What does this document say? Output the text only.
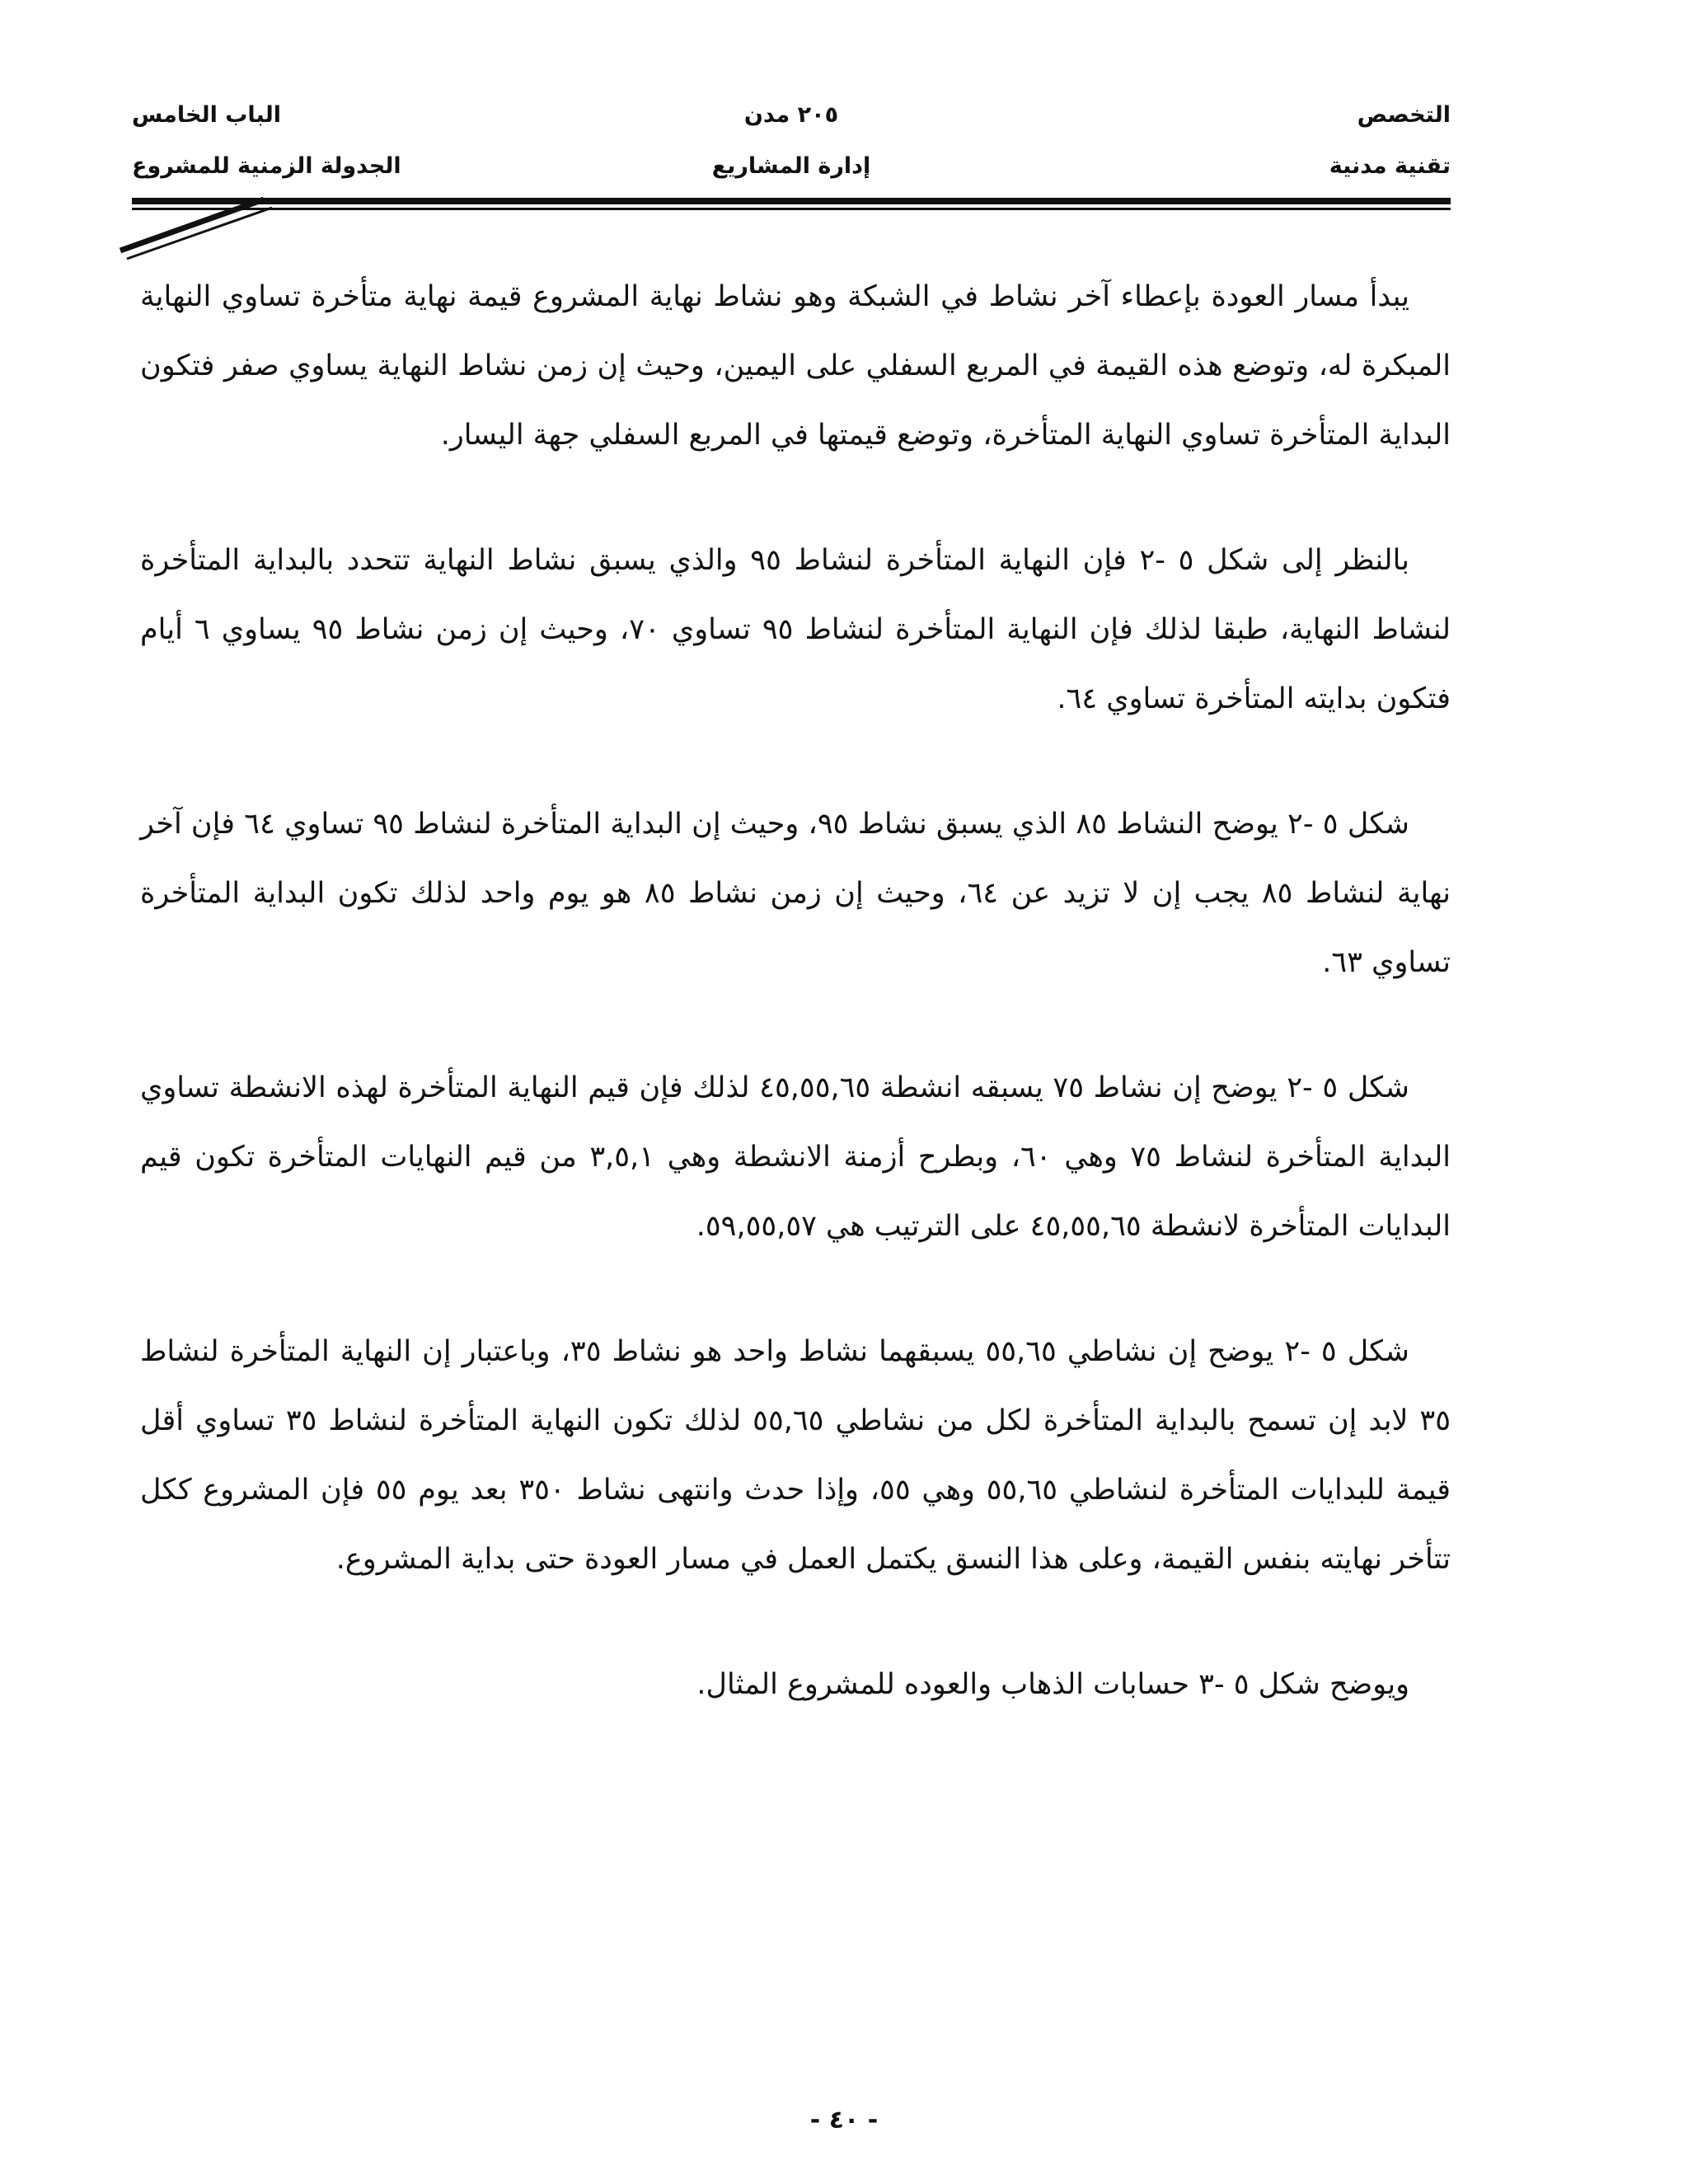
التخصص
تقنية مدنية
٢٠٥ مدن
إدارة المشاريع
الباب الخامس
الجدولة الزمنية للمشروع

يبدأ مسار العودة بإعطاء آخر نشاط في الشبكة وهو نشاط نهاية المشروع قيمة نهاية متأخرة تساوي النهاية المبكرة له، وتوضع هذه القيمة في المربع السفلي على اليمين، وحيث إن زمن نشاط النهاية يساوي صفر فتكون البداية المتأخرة تساوي النهاية المتأخرة، وتوضع قيمتها في المربع السفلي جهة اليسار.

بالنظر إلى شكل ٥ -٢ فإن النهاية المتأخرة لنشاط ٩٥ والذي يسبق نشاط النهاية تتحدد بالبداية المتأخرة لنشاط النهاية، طبقا لذلك فإن النهاية المتأخرة لنشاط ٩٥ تساوي ٧٠، وحيث إن زمن نشاط ٩٥ يساوي ٦ أيام فتكون بدايته المتأخرة تساوي ٦٤.

شكل ٥ -٢ يوضح النشاط ٨٥ الذي يسبق نشاط ٩٥، وحيث إن البداية المتأخرة لنشاط ٩٥ تساوي ٦٤ فإن آخر نهاية لنشاط ٨٥ يجب إن لا تزيد عن ٦٤، وحيث إن زمن نشاط ٨٥ هو يوم واحد لذلك تكون البداية المتأخرة تساوي ٦٣.

شكل ٥ -٢ يوضح إن نشاط ٧٥ يسبقه انشطة ٤٥,٥٥,٦٥ لذلك فإن قيم النهاية المتأخرة لهذه الانشطة تساوي البداية المتأخرة لنشاط ٧٥ وهي ٦٠، وبطرح أزمنة الانشطة وهي ٣,٥,١ من قيم النهايات المتأخرة تكون قيم البدايات المتأخرة لانشطة ٤٥,٥٥,٦٥ على الترتيب هي ٥٩,٥٥,٥٧.

شكل ٥ -٢ يوضح إن نشاطي ٥٥,٦٥ يسبقهما نشاط واحد هو نشاط ٣٥، وباعتبار إن النهاية المتأخرة لنشاط ٣٥ لابد إن تسمح بالبداية المتأخرة لكل من نشاطي ٥٥,٦٥ لذلك تكون النهاية المتأخرة لنشاط ٣٥ تساوي أقل قيمة للبدايات المتأخرة لنشاطي ٥٥,٦٥ وهي ٥٥، وإذا حدث وانتهى نشاط ٣٥٠ بعد يوم ٥٥ فإن المشروع ككل تتأخر نهايته بنفس القيمة، وعلى هذا النسق يكتمل العمل في مسار العودة حتى بداية المشروع.

ويوضح شكل ٥ -٣ حسابات الذهاب والعوده للمشروع المثال.

- ٤٠ -
